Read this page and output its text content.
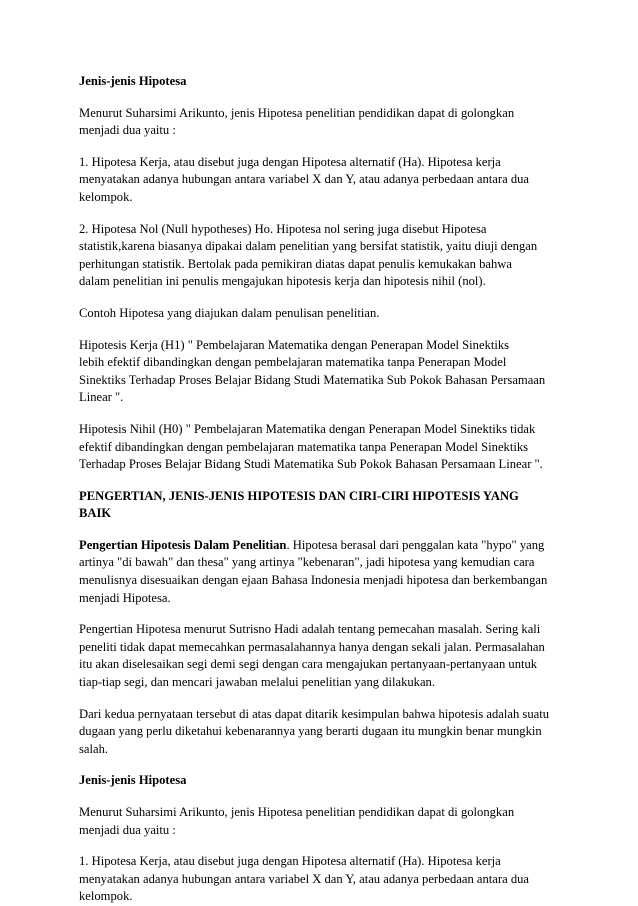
Jenis-jenis Hipotesa
Menurut Suharsimi Arikunto, jenis Hipotesa penelitian pendidikan dapat di golongkan
menjadi dua yaitu :
1. Hipotesa Kerja, atau disebut juga dengan Hipotesa alternatif (Ha). Hipotesa kerja
menyatakan adanya hubungan antara variabel X dan Y, atau adanya perbedaan antara dua
kelompok.
2. Hipotesa Nol (Null hypotheses) Ho. Hipotesa nol sering juga disebut Hipotesa
statistik,karena biasanya dipakai dalam penelitian yang bersifat statistik, yaitu diuji dengan
perhitungan statistik. Bertolak pada pemikiran diatas dapat penulis kemukakan bahwa
dalam penelitian ini penulis mengajukan hipotesis kerja dan hipotesis nihil (nol).
Contoh Hipotesa yang diajukan dalam penulisan penelitian.
Hipotesis Kerja (H1) " Pembelajaran Matematika dengan Penerapan Model Sinektiks
lebih efektif dibandingkan dengan pembelajaran matematika tanpa Penerapan Model
Sinektiks Terhadap Proses Belajar Bidang Studi Matematika Sub Pokok Bahasan Persamaan
Linear ".
Hipotesis Nihil (H0) " Pembelajaran Matematika dengan Penerapan Model Sinektiks tidak
efektif dibandingkan dengan pembelajaran matematika tanpa Penerapan Model Sinektiks
Terhadap Proses Belajar Bidang Studi Matematika Sub Pokok Bahasan Persamaan Linear ".
PENGERTIAN, JENIS-JENIS HIPOTESIS DAN CIRI-CIRI HIPOTESIS YANG
BAIK
Pengertian Hipotesis Dalam Penelitian. Hipotesa berasal dari penggalan kata "hypo" yang
artinya "di bawah" dan thesa" yang artinya "kebenaran", jadi hipotesa yang kemudian cara
menulisnya disesuaikan dengan ejaan Bahasa Indonesia menjadi hipotesa dan berkembangan
menjadi Hipotesa.
Pengertian Hipotesa menurut Sutrisno Hadi adalah tentang pemecahan masalah. Sering kali
peneliti tidak dapat memecahkan permasalahannya hanya dengan sekali jalan. Permasalahan
itu akan diselesaikan segi demi segi dengan cara mengajukan pertanyaan-pertanyaan untuk
tiap-tiap segi, dan mencari jawaban melalui penelitian yang dilakukan.
Dari kedua pernyataan tersebut di atas dapat ditarik kesimpulan bahwa hipotesis adalah suatu
dugaan yang perlu diketahui kebenarannya yang berarti dugaan itu mungkin benar mungkin
salah.
Jenis-jenis Hipotesa
Menurut Suharsimi Arikunto, jenis Hipotesa penelitian pendidikan dapat di golongkan
menjadi dua yaitu :
1. Hipotesa Kerja, atau disebut juga dengan Hipotesa alternatif (Ha). Hipotesa kerja
menyatakan adanya hubungan antara variabel X dan Y, atau adanya perbedaan antara dua
kelompok.
